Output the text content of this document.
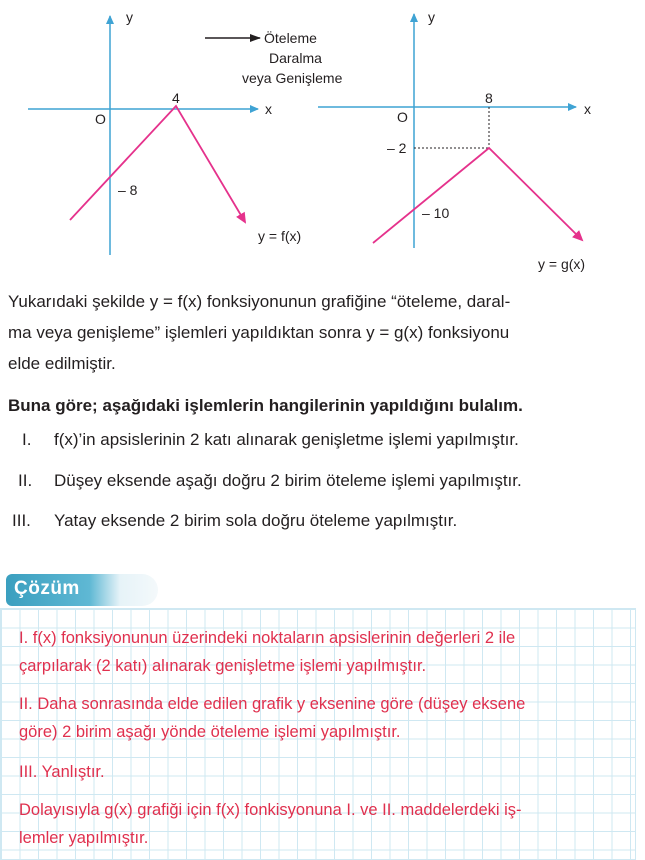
y
x
O
4
– 8
y = f(x)
Öteleme
Daralma
veya Genişleme
y
x
O
8
– 2
– 10
y = g(x)
Yukarıdaki şekilde y = f(x) fonksiyonunun grafiğine “öteleme, daral-
ma veya genişleme” işlemleri yapıldıktan sonra y = g(x) fonksiyonu
elde edilmiştir.
Buna göre; aşağıdaki işlemlerin hangilerinin yapıldığını bulalım.
I. f(x)’in apsislerinin 2 katı alınarak genişletme işlemi yapılmıştır.
II. Düşey eksende aşağı doğru 2 birim öteleme işlemi yapılmıştır.
III. Yatay eksende 2 birim sola doğru öteleme yapılmıştır.
I. f(x) fonksiyonunun üzerindeki noktaların apsislerinin değerleri 2 ile
çarpılarak (2 katı) alınarak genişletme işlemi yapılmıştır.
II. Daha sonrasında elde edilen grafik y eksenine göre (düşey eksene
göre) 2 birim aşağı yönde öteleme işlemi yapılmıştır.
III. Yanlıştır.
Dolayısıyla g(x) grafiği için f(x) fonkisyonuna I. ve II. maddelerdeki iş-
lemler yapılmıştır.
Çözüm
